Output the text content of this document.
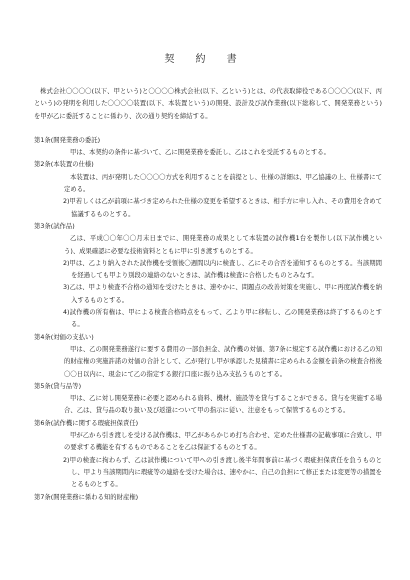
契 約 書

株式会社〇〇〇〇(以下、甲という)と〇〇〇〇株式会社(以下、乙という)とは、の代表取締役である〇〇〇〇(以下、丙という)の発明を利用した〇〇〇〇装置(以下、本装置という)の開発、設計及び試作業務(以下総称して、開発業務という)を甲が乙に委託することに係わり、次の通り契約を締結する。

第1条(開発業務の委託)

甲は、本契約の条件に基づいて、乙に開発業務を委託し、乙はこれを受託するものとする。

第2条(本装置の仕様)

本装置は、丙が発明した〇〇〇〇方式を利用することを前提とし、仕様の詳細は、甲乙協議の上、仕様書にて定める。

2)甲若しくは乙が前項に基づき定められた仕様の変更を希望するときは、相手方に申し入れ、その費用を含めて協議するものとする。

第3条(試作品)

乙は、平成〇〇年〇〇月末日までに、開発業務の成果として本装置の試作機1台を製作し(以下試作機という)、成果確認に必要な技術資料とともに甲に引き渡すものとする。

2)甲は、乙より納入された試作機を受領後〇週間以内に検査し、乙にその合否を通知するものとする。当該期間を経過しても甲より別段の連絡のないときは、試作機は検査に合格したものとみなす。

3)乙は、甲より検査不合格の通知を受けたときは、速やかに、問題点の改善対策を実施し、甲に再度試作機を納入するものとする。

4)試作機の所有権は、甲による検査合格時点をもって、乙より甲に移転し、乙の開発業務は終了するものとする。

第4条(対価の支払い)

甲は、乙の開発業務遂行に要する費用の一部負担金、試作機の対価、第7条に規定する試作機における乙の知的財産権の実施許諾の対価の合計として、乙が発行し甲が承認した見積書に定められる金額を前条の検査合格後〇〇日以内に、現金にて乙の指定する銀行口座に振り込み支払うものとする。

第5条(貸与品等)

甲は、乙に対し開発業務に必要と認められる資料、機材、施設等を貸与することができる。貸与を実施する場合、乙は、貸与品の取り扱い及び返還について甲の指示に従い、注意をもって保管するものとする。

第6条(試作機に関する瑕疵担保責任)

甲が乙から引き渡しを受ける試作機は、甲乙があらかじめ打ち合わせ、定めた仕様書の記載事項に合致し、甲の要求する機能を有するものであることを乙は保証するものとする。

2)甲の検査に拘わらず、乙は試作機について甲への引き渡し後半年間事前に基づく瑕疵担保責任を負うものとし、甲より当該期間内に瑕疵等の連絡を受けた場合は、速やかに、自己の負担にて修正または変更等の措置をとるものとする。

第7条(開発業務に係わる知的財産権)
